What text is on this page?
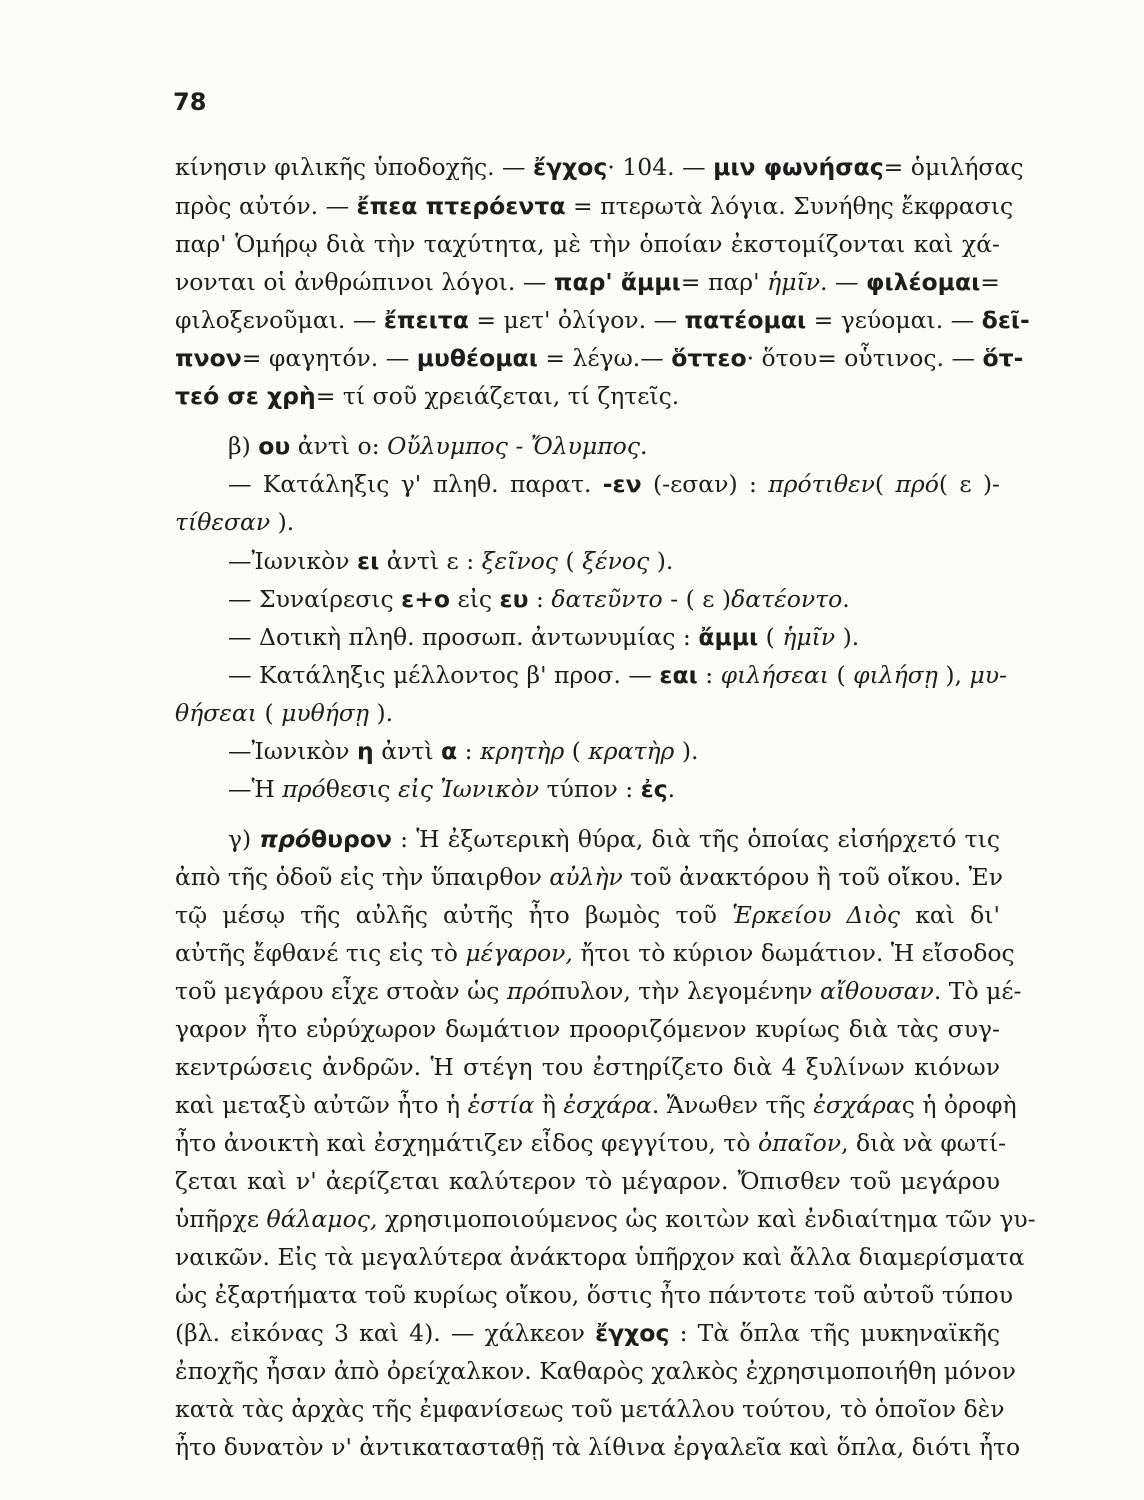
78
κίνησιν φιλικῆς ὑποδοχῆς. — ἔγχος· 104. — μιν φωνήσας= ὁμιλήσας
πρὸς αὐτόν. — ἔπεα πτερόεντα = πτερωτὰ λόγια. Συνήθης ἔκφρασις
παρ' Ὁμήρῳ διὰ τὴν ταχύτητα, μὲ τὴν ὁποίαν ἐκστομίζονται καὶ χά-
νονται οἱ ἀνθρώπινοι λόγοι. — παρ' ἄμμι= παρ' ἡμῖν. — φιλέομαι=
φιλοξενοῦμαι. — ἔπειτα = μετ' ὀλίγον. — πατέομαι = γεύομαι. — δεῖ-
πνον= φαγητόν. — μυθέομαι = λέγω.— ὅττεο· ὅτου= οὗτινος. — ὅτ-
τεό σε χρὴ= τί σοῦ χρειάζεται, τί ζητεῖς.
β) ου ἀντὶ ο: Οὔλυμπος - Ὄλυμπος.
— Κατάληξις γ' πληθ. παρατ. -εν (-εσαν) : πρότιθεν( πρό( ε )-
τίθεσαν ).
—Ἰωνικὸν ει ἀντὶ ε : ξεῖνος ( ξένος ).
— Συναίρεσις ε+ο εἰς ευ : δατεῦντο - ( ε )δατέοντο.
— Δοτικὴ πληθ. προσωπ. ἀντωνυμίας : ἄμμι ( ἡμῖν ).
— Κατάληξις μέλλοντος β' προσ. — εαι : φιλήσεαι ( φιλήσῃ ), μυ-
θήσεαι ( μυθήσῃ ).
—Ἰωνικὸν η ἀντὶ α : κρητὴρ ( κρατὴρ ).
—Ἡ πρόθεσις εἰς Ἰωνικὸν τύπον : ἐς.
γ) πρόθυρον : Ἡ ἐξωτερικὴ θύρα, διὰ τῆς ὁποίας εἰσήρχετό τις
ἀπὸ τῆς ὁδοῦ εἰς τὴν ὕπαιρθον αὐλὴν τοῦ ἀνακτόρου ἢ τοῦ οἴκου. Ἐν
τῷ μέσῳ τῆς αὐλῆς αὐτῆς ἦτο βωμὸς τοῦ Ἑρκείου Διὸς καὶ δι'
αὐτῆς ἔφθανέ τις εἰς τὸ μέγαρον, ἤτοι τὸ κύριον δωμάτιον. Ἡ εἴσοδος
τοῦ μεγάρου εἶχε στοὰν ὡς πρόπυλον, τὴν λεγομένην αἴθουσαν. Τὸ μέ-
γαρον ἦτο εὐρύχωρον δωμάτιον προοριζόμενον κυρίως διὰ τὰς συγ-
κεντρώσεις ἀνδρῶν. Ἡ στέγη του ἐστηρίζετο διὰ 4 ξυλίνων κιόνων
καὶ μεταξὺ αὐτῶν ἦτο ἡ ἑστία ἢ ἐσχάρα. Ἄνωθεν τῆς ἐσχάρας ἡ ὀροφὴ
ἦτο ἀνοικτὴ καὶ ἐσχημάτιζεν εἶδος φεγγίτου, τὸ ὀπαῖον, διὰ νὰ φωτί-
ζεται καὶ ν' ἀερίζεται καλύτερον τὸ μέγαρον. Ὄπισθεν τοῦ μεγάρου
ὑπῆρχε θάλαμος, χρησιμοποιούμενος ὡς κοιτὼν καὶ ἐνδιαίτημα τῶν γυ-
ναικῶν. Εἰς τὰ μεγαλύτερα ἀνάκτορα ὑπῆρχον καὶ ἄλλα διαμερίσματα
ὡς ἐξαρτήματα τοῦ κυρίως οἴκου, ὅστις ἦτο πάντοτε τοῦ αὐτοῦ τύπου
(βλ. εἰκόνας 3 καὶ 4). — χάλκεον ἔγχος : Τὰ ὅπλα τῆς μυκηναϊκῆς
ἐποχῆς ἦσαν ἀπὸ ὀρείχαλκον. Καθαρὸς χαλκὸς ἐχρησιμοποιήθη μόνον
κατὰ τὰς ἀρχὰς τῆς ἐμφανίσεως τοῦ μετάλλου τούτου, τὸ ὁποῖον δὲν
ἦτο δυνατὸν ν' ἀντικατασταθῇ τὰ λίθινα ἐργαλεῖα καὶ ὅπλα, διότι ἦτο
